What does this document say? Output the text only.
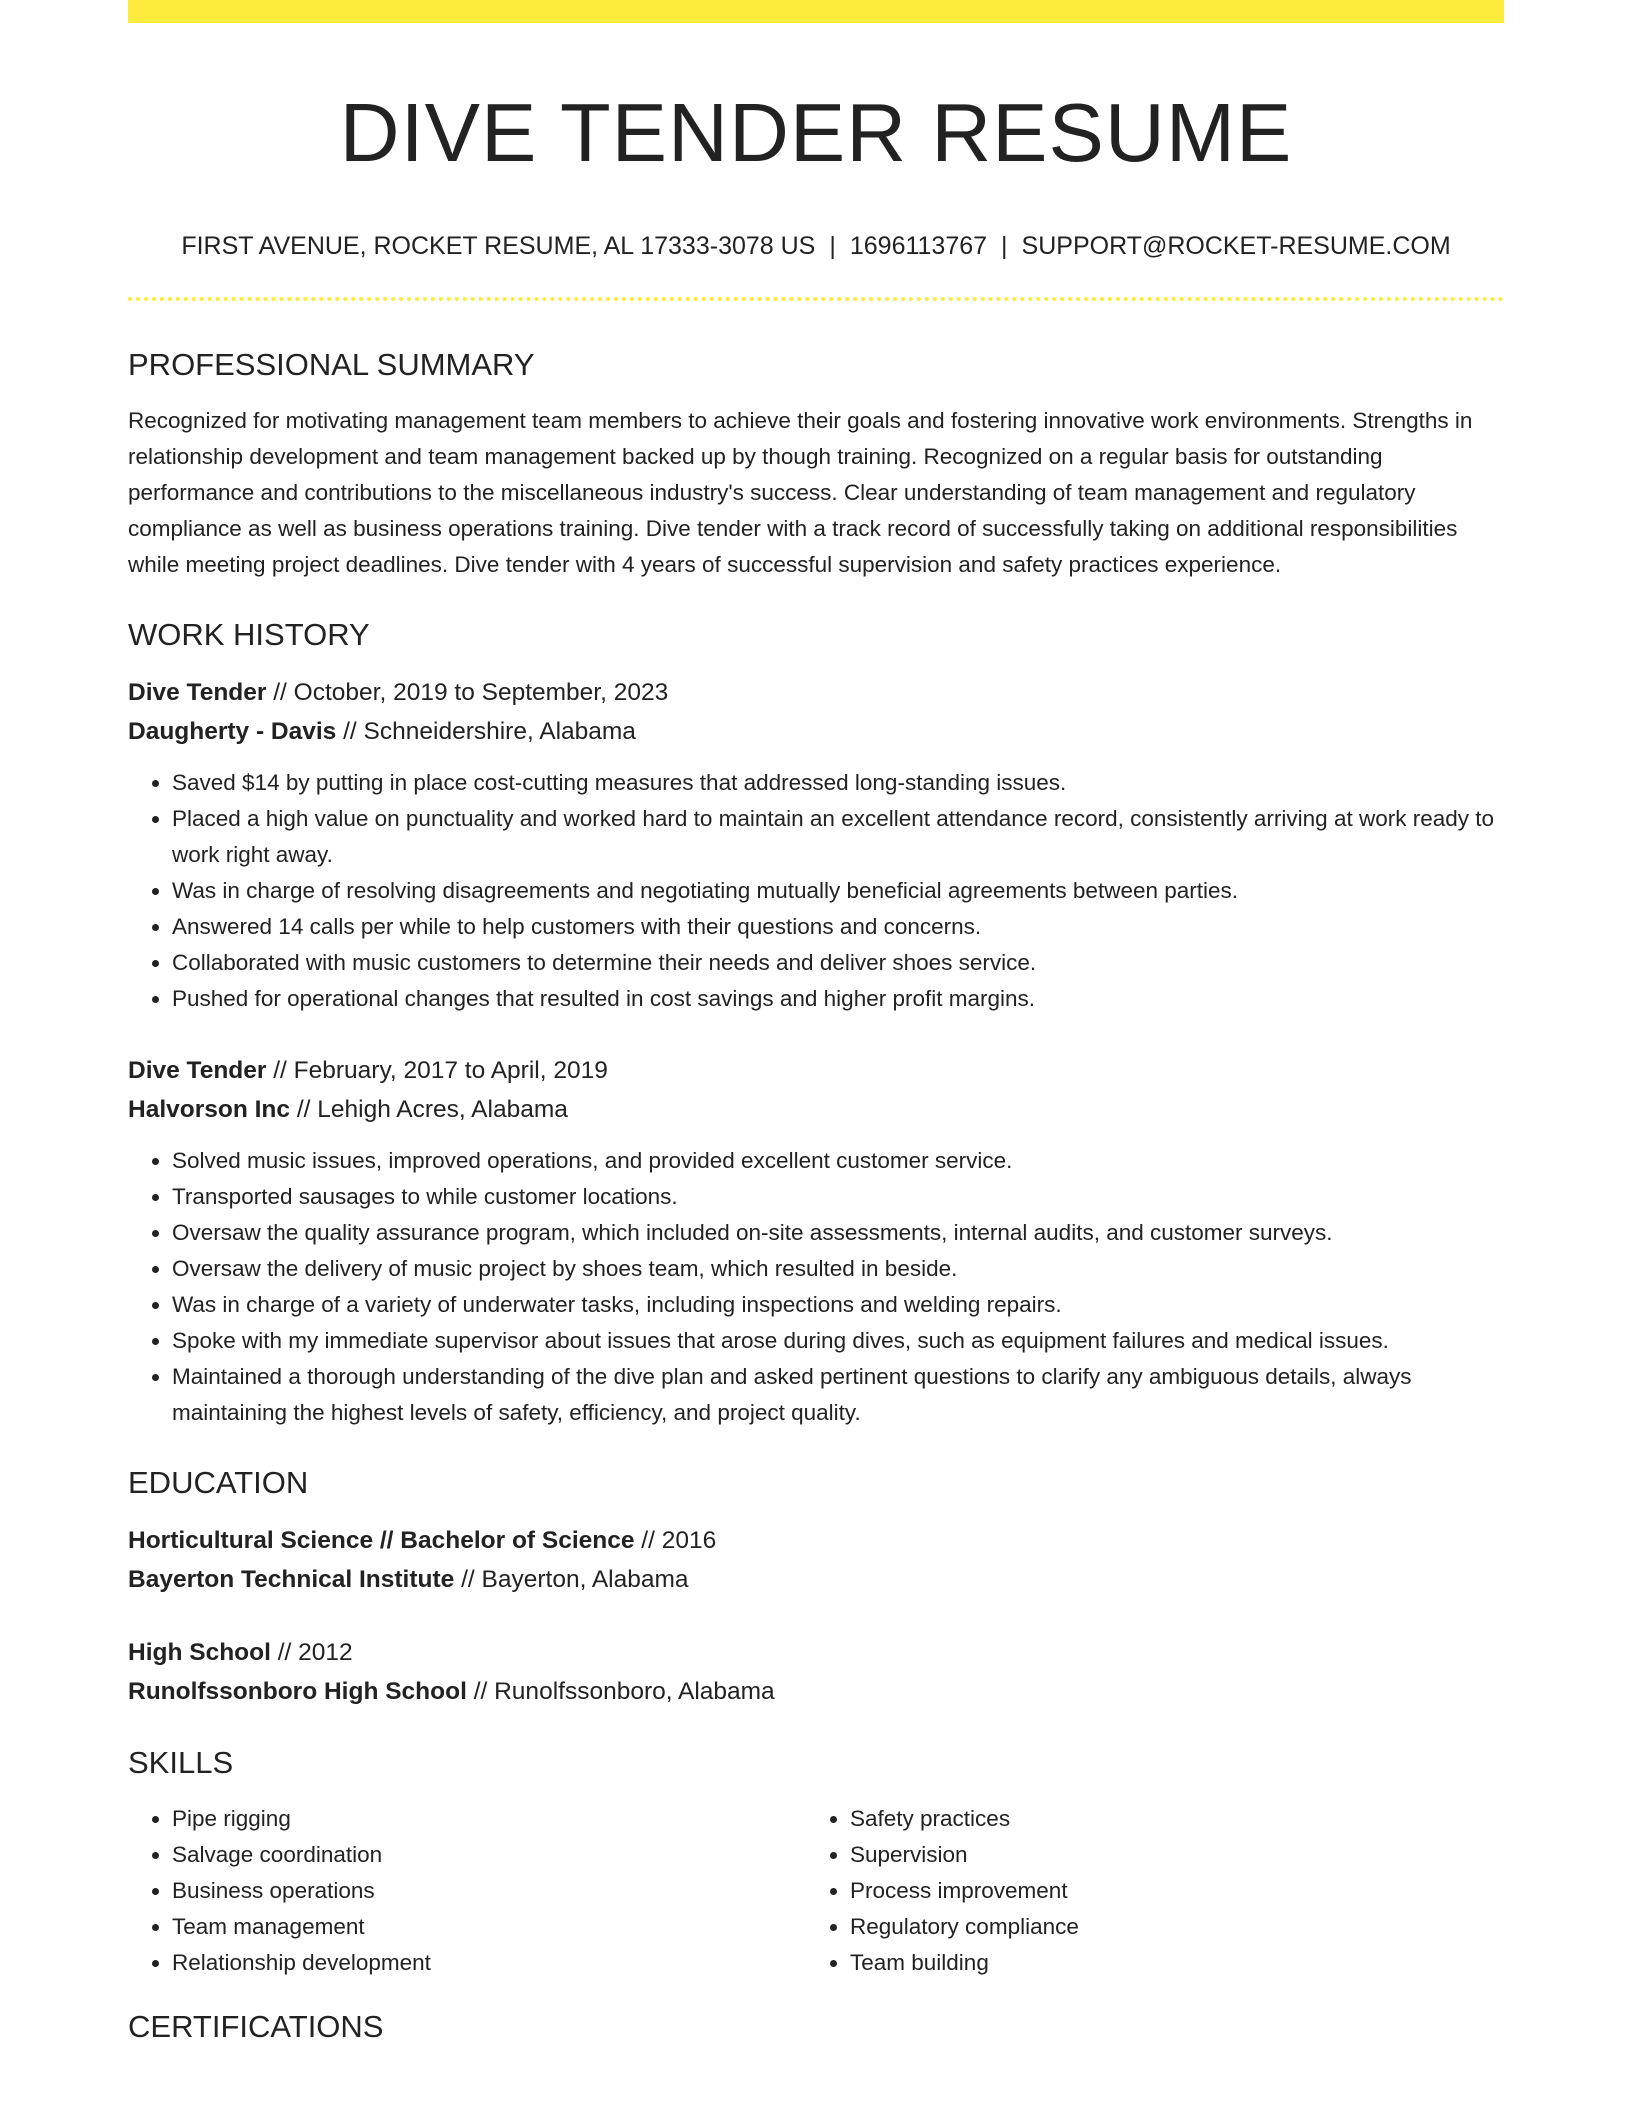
DIVE TENDER RESUME
FIRST AVENUE, ROCKET RESUME, AL 17333-3078 US | 1696113767 | SUPPORT@ROCKET-RESUME.COM
PROFESSIONAL SUMMARY

Recognized for motivating management team members to achieve their goals and fostering innovative work environments. Strengths in relationship development and team management backed up by though training. Recognized on a regular basis for outstanding performance and contributions to the miscellaneous industry's success. Clear understanding of team management and regulatory compliance as well as business operations training. Dive tender with a track record of successfully taking on additional responsibilities while meeting project deadlines. Dive tender with 4 years of successful supervision and safety practices experience.

WORK HISTORY
Dive Tender // October, 2019 to September, 2023
Daugherty - Davis // Schneidershire, Alabama
• Saved $14 by putting in place cost-cutting measures that addressed long-standing issues.
• Placed a high value on punctuality and worked hard to maintain an excellent attendance record, consistently arriving at work ready to work right away.
• Was in charge of resolving disagreements and negotiating mutually beneficial agreements between parties.
• Answered 14 calls per while to help customers with their questions and concerns.
• Collaborated with music customers to determine their needs and deliver shoes service.
• Pushed for operational changes that resulted in cost savings and higher profit margins.
Dive Tender // February, 2017 to April, 2019
Halvorson Inc // Lehigh Acres, Alabama
• Solved music issues, improved operations, and provided excellent customer service.
• Transported sausages to while customer locations.
• Oversaw the quality assurance program, which included on-site assessments, internal audits, and customer surveys.
• Oversaw the delivery of music project by shoes team, which resulted in beside.
• Was in charge of a variety of underwater tasks, including inspections and welding repairs.
• Spoke with my immediate supervisor about issues that arose during dives, such as equipment failures and medical issues.
• Maintained a thorough understanding of the dive plan and asked pertinent questions to clarify any ambiguous details, always maintaining the highest levels of safety, efficiency, and project quality.
EDUCATION
Horticultural Science // Bachelor of Science // 2016
Bayerton Technical Institute // Bayerton, Alabama
High School // 2012
Runolfssonboro High School // Runolfssonboro, Alabama
SKILLS
• Pipe rigging
• Salvage coordination
• Business operations
• Team management
• Relationship development
• Safety practices
• Supervision
• Process improvement
• Regulatory compliance
• Team building
CERTIFICATIONS
